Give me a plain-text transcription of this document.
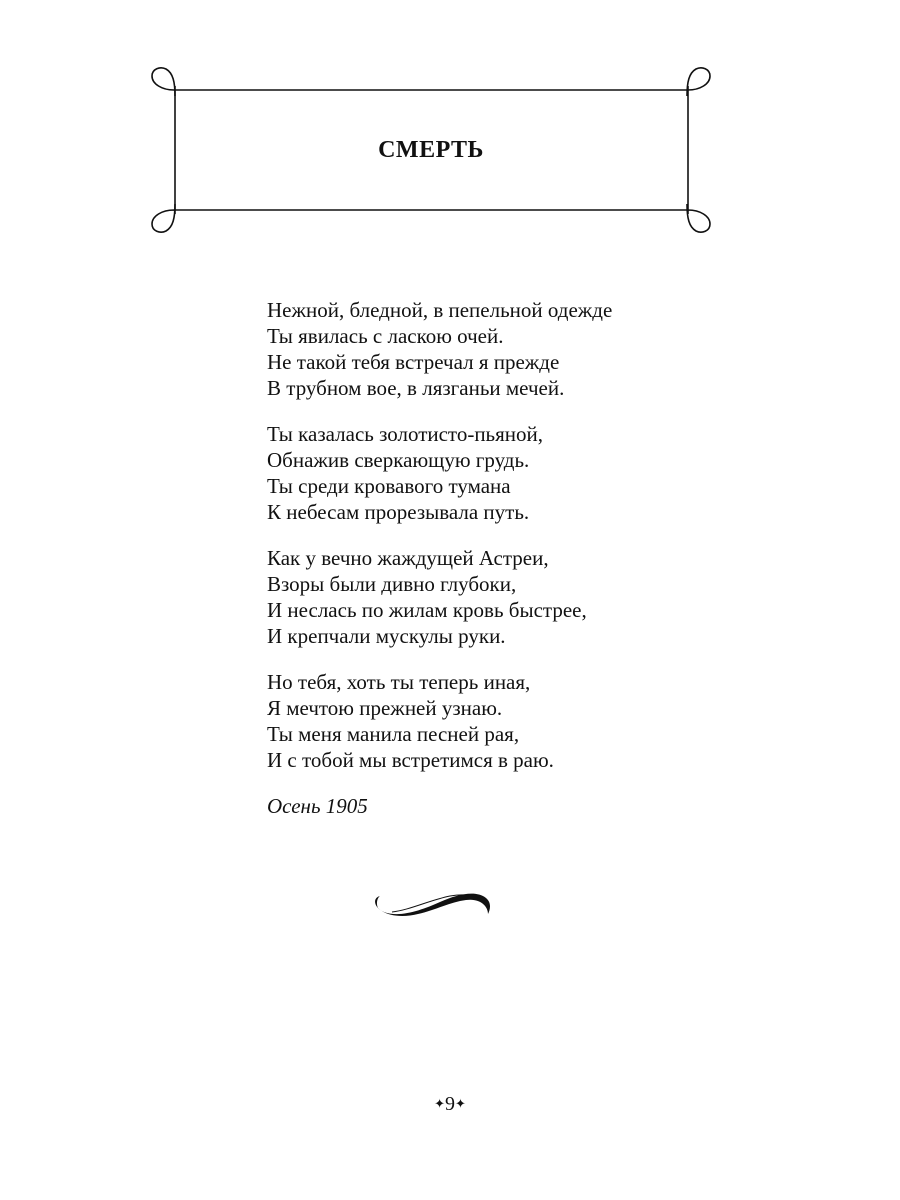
СМЕРТЬ
Нежной, бледной, в пепельной одежде
Ты явилась с ласкою очей.
Не такой тебя встречал я прежде
В трубном вое, в лязганьи мечей.
Ты казалась золотисто-пьяной,
Обнажив сверкающую грудь.
Ты среди кровавого тумана
К небесам прорезывала путь.
Как у вечно жаждущей Астреи,
Взоры были дивно глубоки,
И неслась по жилам кровь быстрее,
И крепчали мускулы руки.
Но тебя, хоть ты теперь иная,
Я мечтою прежней узнаю.
Ты меня манила песней рая,
И с тобой мы встретимся в раю.
Осень 1905
✦9✦
